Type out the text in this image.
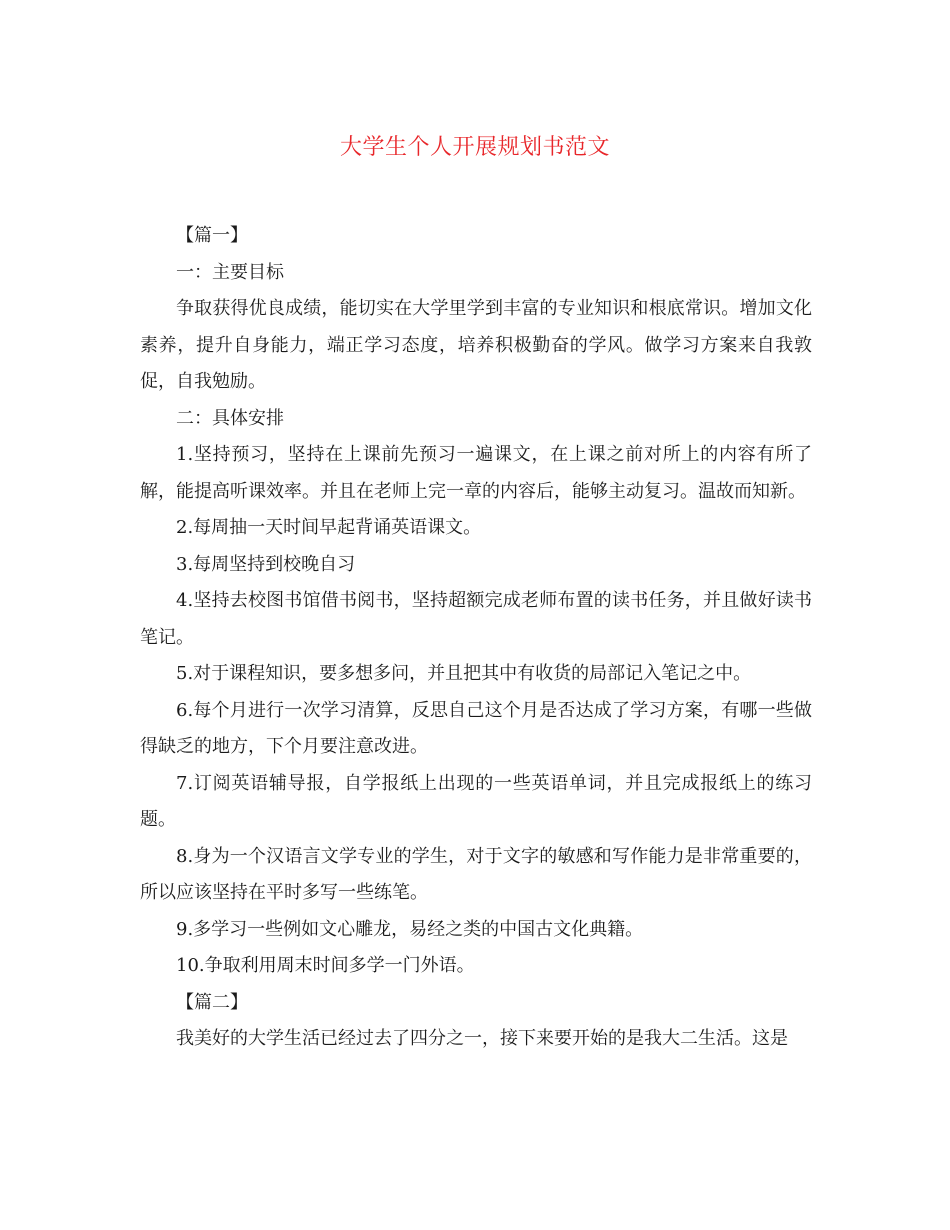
大学生个人开展规划书范文

【篇一】

一：主要目标

争取获得优良成绩，能切实在大学里学到丰富的专业知识和根底常识。增加文化素养，提升自身能力，端正学习态度，培养积极勤奋的学风。做学习方案来自我敦促，自我勉励。

二：具体安排

1.坚持预习，坚持在上课前先预习一遍课文，在上课之前对所上的内容有所了解，能提高听课效率。并且在老师上完一章的内容后，能够主动复习。温故而知新。

2.每周抽一天时间早起背诵英语课文。

3.每周坚持到校晚自习

4.坚持去校图书馆借书阅书，坚持超额完成老师布置的读书任务，并且做好读书笔记。

5.对于课程知识，要多想多问，并且把其中有收货的局部记入笔记之中。

6.每个月进行一次学习清算，反思自己这个月是否达成了学习方案，有哪一些做得缺乏的地方，下个月要注意改进。

7.订阅英语辅导报，自学报纸上出现的一些英语单词，并且完成报纸上的练习题。

8.身为一个汉语言文学专业的学生，对于文字的敏感和写作能力是非常重要的，所以应该坚持在平时多写一些练笔。

9.多学习一些例如文心雕龙，易经之类的中国古文化典籍。

10.争取利用周末时间多学一门外语。

【篇二】

我美好的大学生活已经过去了四分之一，接下来要开始的是我大二生活。这是
